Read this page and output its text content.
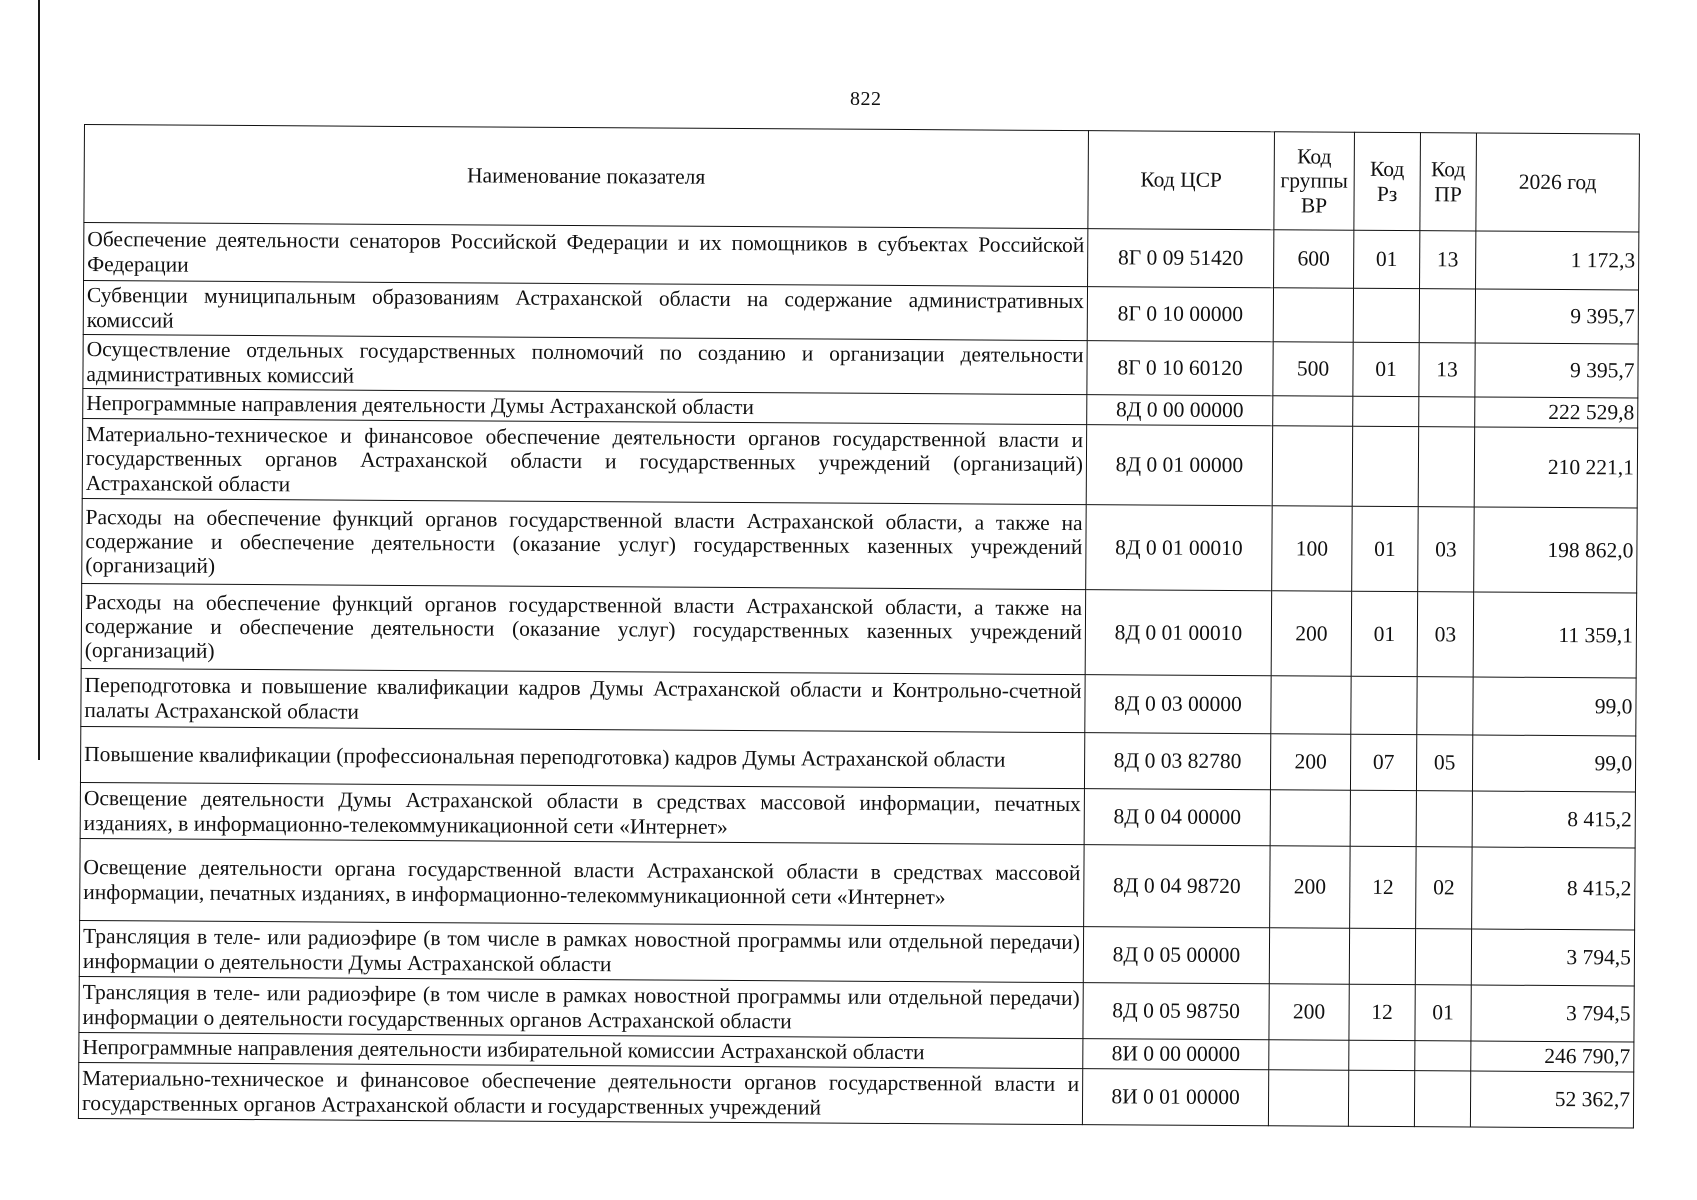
822
Наименование показателя	Код ЦСР	Код группы ВР	Код Рз	Код ПР	2026 год
Обеспечение деятельности сенаторов Российской Федерации и их помощников в субъектах Российской Федерации	8Г 0 09 51420	600	01	13	1 172,3
Субвенции муниципальным образованиям Астраханской области на содержание административных комиссий	8Г 0 10 00000				9 395,7
Осуществление отдельных государственных полномочий по созданию и организации деятельности административных комиссий	8Г 0 10 60120	500	01	13	9 395,7
Непрограммные направления деятельности Думы Астраханской области	8Д 0 00 00000				222 529,8
Материально-техническое и финансовое обеспечение деятельности органов государственной власти и государственных органов Астраханской области и государственных учреждений (организаций) Астраханской области	8Д 0 01 00000				210 221,1
Расходы на обеспечение функций органов государственной власти Астраханской области, а также на содержание и обеспечение деятельности (оказание услуг) государственных казенных учреждений (организаций)	8Д 0 01 00010	100	01	03	198 862,0
Расходы на обеспечение функций органов государственной власти Астраханской области, а также на содержание и обеспечение деятельности (оказание услуг) государственных казенных учреждений (организаций)	8Д 0 01 00010	200	01	03	11 359,1
Переподготовка и повышение квалификации кадров Думы Астраханской области и Контрольно-счетной палаты Астраханской области	8Д 0 03 00000				99,0
Повышение квалификации (профессиональная переподготовка) кадров Думы Астраханской области	8Д 0 03 82780	200	07	05	99,0
Освещение деятельности Думы Астраханской области в средствах массовой информации, печатных изданиях, в информационно-телекоммуникационной сети «Интернет»	8Д 0 04 00000				8 415,2
Освещение деятельности органа государственной власти Астраханской области в средствах массовой информации, печатных изданиях, в информационно-телекоммуникационной сети «Интернет»	8Д 0 04 98720	200	12	02	8 415,2
Трансляция в теле- или радиоэфире (в том числе в рамках новостной программы или отдельной передачи) информации о деятельности Думы Астраханской области	8Д 0 05 00000				3 794,5
Трансляция в теле- или радиоэфире (в том числе в рамках новостной программы или отдельной передачи) информации о деятельности государственных органов Астраханской области	8Д 0 05 98750	200	12	01	3 794,5
Непрограммные направления деятельности избирательной комиссии Астраханской области	8И 0 00 00000				246 790,7
Материально-техническое и финансовое обеспечение деятельности органов государственной власти и государственных органов Астраханской области и государственных учреждений	8И 0 01 00000				52 362,7
